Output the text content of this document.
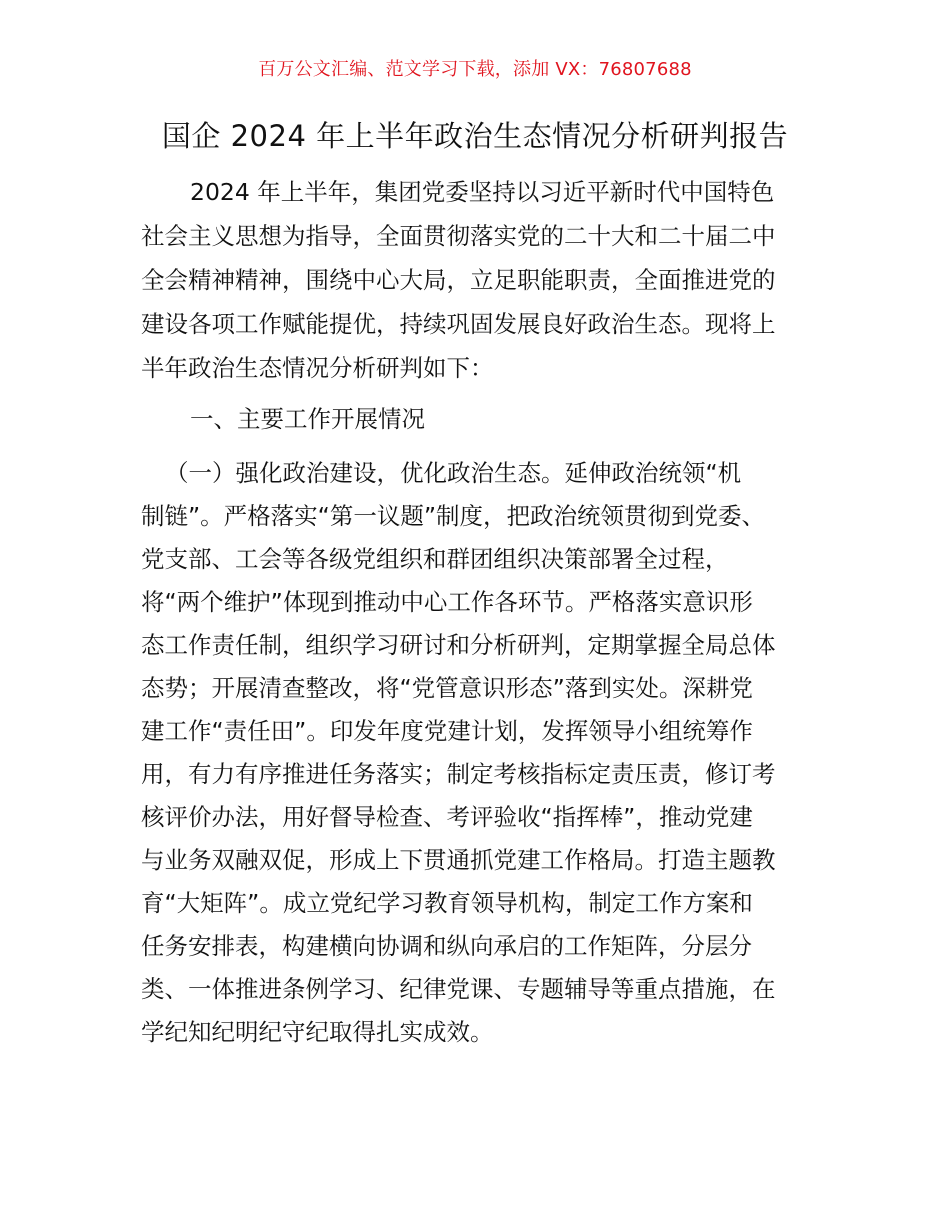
百万公文汇编、范文学习下载，添加 VX：76807688
国企 2024 年上半年政治生态情况分析研判报告
2024 年上半年，集团党委坚持以习近平新时代中国特色
社会主义思想为指导，全面贯彻落实党的二十大和二十届二中
全会精神精神，围绕中心大局，立足职能职责，全面推进党的
建设各项工作赋能提优，持续巩固发展良好政治生态。现将上
半年政治生态情况分析研判如下：
一、主要工作开展情况
（一）强化政治建设，优化政治生态。延伸政治统领“机
制链”。严格落实“第一议题”制度，把政治统领贯彻到党委、
党支部、工会等各级党组织和群团组织决策部署全过程，
将“两个维护”体现到推动中心工作各环节。严格落实意识形
态工作责任制，组织学习研讨和分析研判，定期掌握全局总体
态势；开展清查整改，将“党管意识形态”落到实处。深耕党
建工作“责任田”。印发年度党建计划，发挥领导小组统筹作
用，有力有序推进任务落实；制定考核指标定责压责，修订考
核评价办法，用好督导检查、考评验收“指挥棒”，推动党建
与业务双融双促，形成上下贯通抓党建工作格局。打造主题教
育“大矩阵”。成立党纪学习教育领导机构，制定工作方案和
任务安排表，构建横向协调和纵向承启的工作矩阵，分层分
类、一体推进条例学习、纪律党课、专题辅导等重点措施，在
学纪知纪明纪守纪取得扎实成效。
